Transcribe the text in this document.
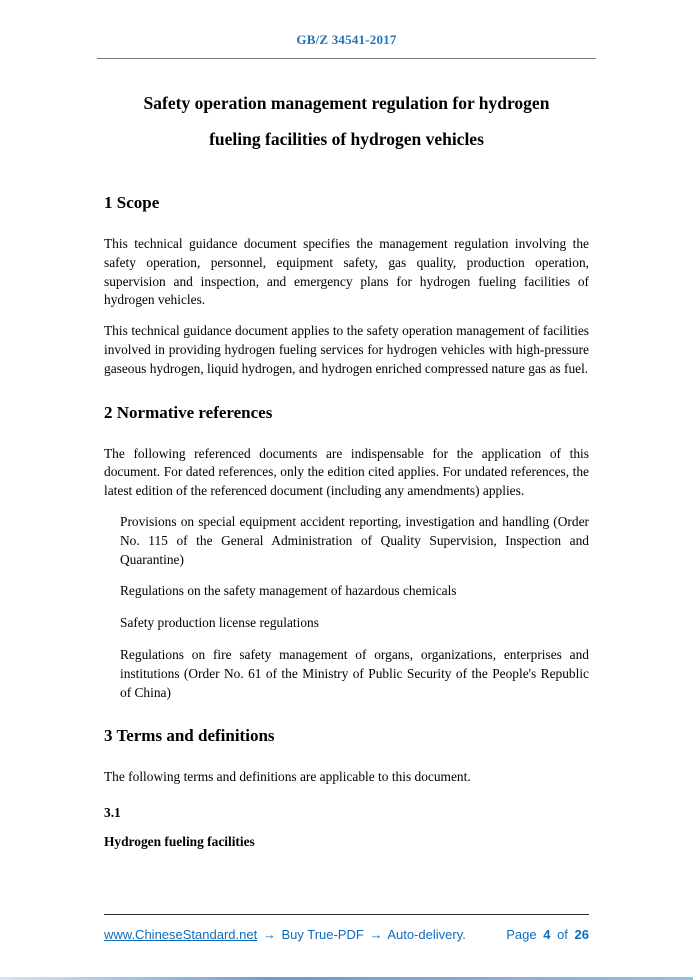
GB/Z 34541-2017
Safety operation management regulation for hydrogen
fueling facilities of hydrogen vehicles
1 Scope

This technical guidance document specifies the management regulation involving the safety operation, personnel, equipment safety, gas quality, production operation, supervision and inspection, and emergency plans for hydrogen fueling facilities of hydrogen vehicles.

This technical guidance document applies to the safety operation management of facilities involved in providing hydrogen fueling services for hydrogen vehicles with high-pressure gaseous hydrogen, liquid hydrogen, and hydrogen enriched compressed nature gas as fuel.

2 Normative references

The following referenced documents are indispensable for the application of this document. For dated references, only the edition cited applies. For undated references, the latest edition of the referenced document (including any amendments) applies.

Provisions on special equipment accident reporting, investigation and handling (Order No. 115 of the General Administration of Quality Supervision, Inspection and Quarantine)
Regulations on the safety management of hazardous chemicals
Safety production license regulations
Regulations on fire safety management of organs, organizations, enterprises and institutions (Order No. 61 of the Ministry of Public Security of the People's Republic of China)
3 Terms and definitions

The following terms and definitions are applicable to this document.

3.1
Hydrogen fueling facilities
www.ChineseStandard.net → Buy True-PDF → Auto-delivery.	Page 4 of 26
